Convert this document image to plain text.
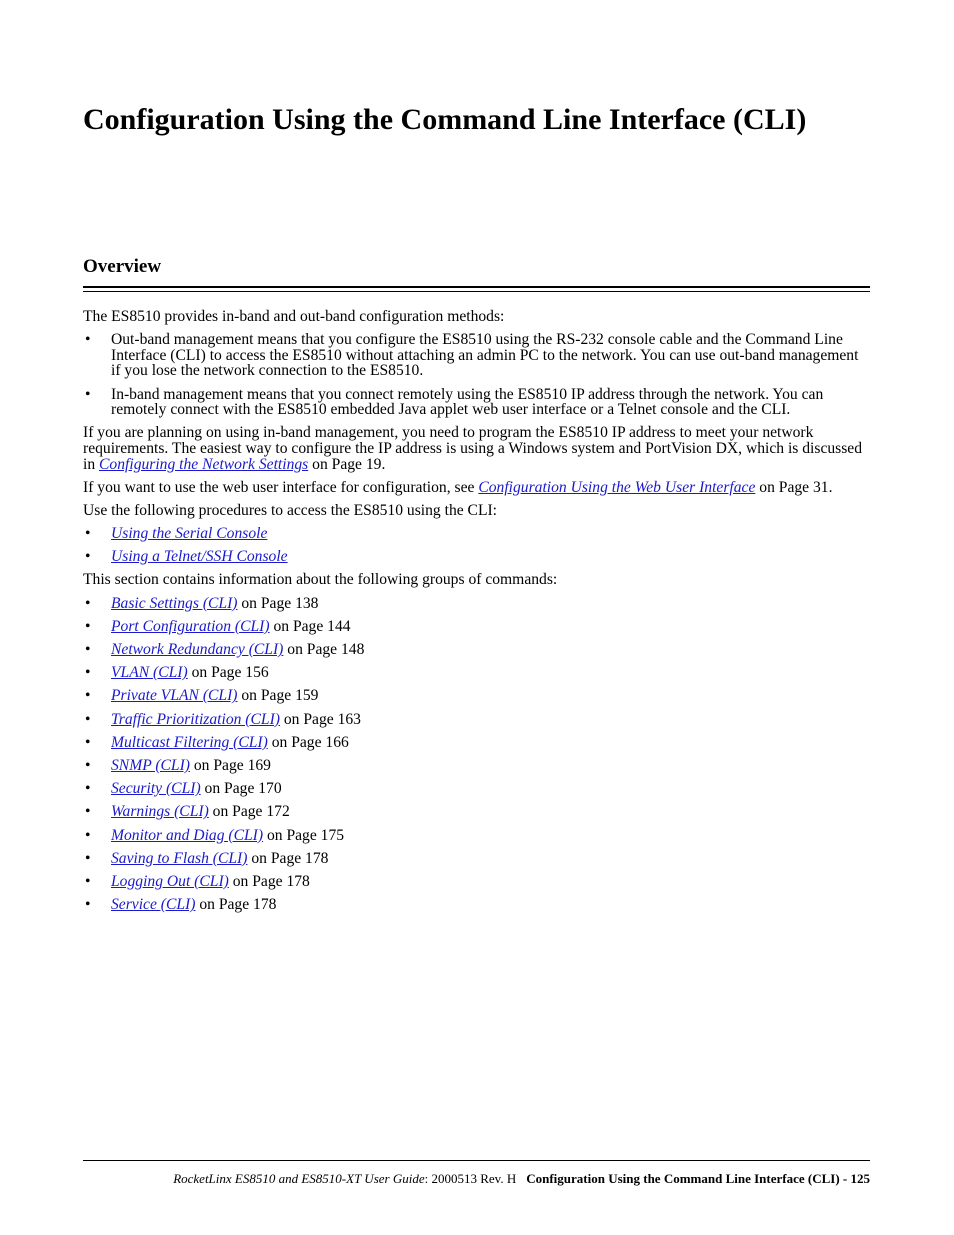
Configuration Using the Command Line Interface (CLI)
Overview

The ES8510 provides in-band and out-band configuration methods:

• Out-band management means that you configure the ES8510 using the RS-232 console cable and the Command Line Interface (CLI) to access the ES8510 without attaching an admin PC to the network. You can use out-band management if you lose the network connection to the ES8510.
• In-band management means that you connect remotely using the ES8510 IP address through the network. You can remotely connect with the ES8510 embedded Java applet web user interface or a Telnet console and the CLI.

If you are planning on using in-band management, you need to program the ES8510 IP address to meet your network requirements. The easiest way to configure the IP address is using a Windows system and PortVision DX, which is discussed in Configuring the Network Settings on Page 19.

If you want to use the web user interface for configuration, see Configuration Using the Web User Interface on Page 31.

Use the following procedures to access the ES8510 using the CLI:

• Using the Serial Console
• Using a Telnet/SSH Console

This section contains information about the following groups of commands:

• Basic Settings (CLI) on Page 138
• Port Configuration (CLI) on Page 144
• Network Redundancy (CLI) on Page 148
• VLAN (CLI) on Page 156
• Private VLAN (CLI) on Page 159
• Traffic Prioritization (CLI) on Page 163
• Multicast Filtering (CLI) on Page 166
• SNMP (CLI) on Page 169
• Security (CLI) on Page 170
• Warnings (CLI) on Page 172
• Monitor and Diag (CLI) on Page 175
• Saving to Flash (CLI) on Page 178
• Logging Out (CLI) on Page 178
• Service (CLI) on Page 178
RocketLinx ES8510 and ES8510-XT User Guide: 2000513 Rev. H Configuration Using the Command Line Interface (CLI) - 125
